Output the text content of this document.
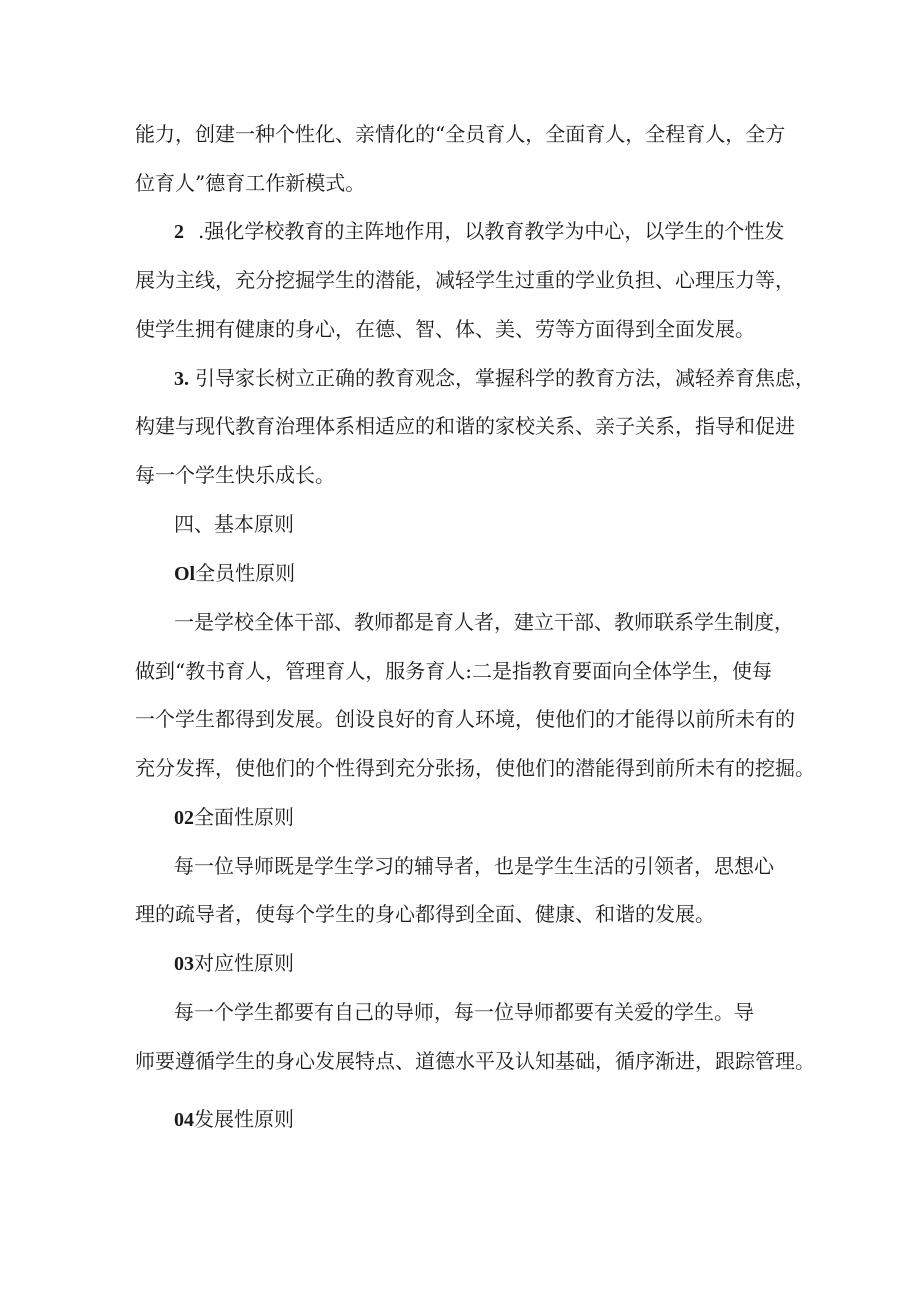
能力，创建一种个性化、亲情化的“全员育人，全面育人，全程育人，全方
位育人”德育工作新模式。
2 .强化学校教育的主阵地作用，以教育教学为中心，以学生的个性发
展为主线，充分挖掘学生的潜能，减轻学生过重的学业负担、心理压力等，
使学生拥有健康的身心，在德、智、体、美、劳等方面得到全面发展。
3. 引导家长树立正确的教育观念，掌握科学的教育方法，减轻养育焦虑，
构建与现代教育治理体系相适应的和谐的家校关系、亲子关系，指导和促进
每一个学生快乐成长。
四、基本原则
Ol全员性原则
一是学校全体干部、教师都是育人者，建立干部、教师联系学生制度，
做到“教书育人，管理育人，服务育人:二是指教育要面向全体学生，使每
一个学生都得到发展。创设良好的育人环境，使他们的才能得以前所未有的
充分发挥，使他们的个性得到充分张扬，使他们的潜能得到前所未有的挖掘。
02全面性原则
每一位导师既是学生学习的辅导者，也是学生生活的引领者，思想心
理的疏导者，使每个学生的身心都得到全面、健康、和谐的发展。
03对应性原则
每一个学生都要有自己的导师，每一位导师都要有关爱的学生。导
师要遵循学生的身心发展特点、道德水平及认知基础，循序渐进，跟踪管理。
04发展性原则
